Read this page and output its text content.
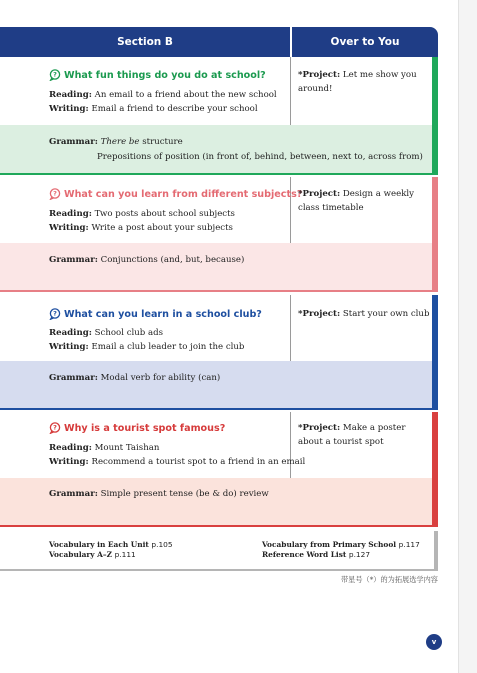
Section B	Over to You
? What fun things do you do at school?
Reading: An email to a friend about the new school
Writing: Email a friend to describe your school
*Project: Let me show you around!
Grammar: There be structure
Prepositions of position (in front of, behind, between, next to, across from)
? What can you learn from different subjects?
Reading: Two posts about school subjects
Writing: Write a post about your subjects
*Project: Design a weekly class timetable
Grammar: Conjunctions (and, but, because)
? What can you learn in a school club?
Reading: School club ads
Writing: Email a club leader to join the club
*Project: Start your own club
Grammar: Modal verb for ability (can)
? Why is a tourist spot famous?
Reading: Mount Taishan
Writing: Recommend a tourist spot to a friend in an email
*Project: Make a poster about a tourist spot
Grammar: Simple present tense (be & do) review
Vocabulary in Each Unit p.105
Vocabulary A–Z p.111
Vocabulary from Primary School p.117
Reference Word List p.127
带星号（*）的为拓展选学内容
v
